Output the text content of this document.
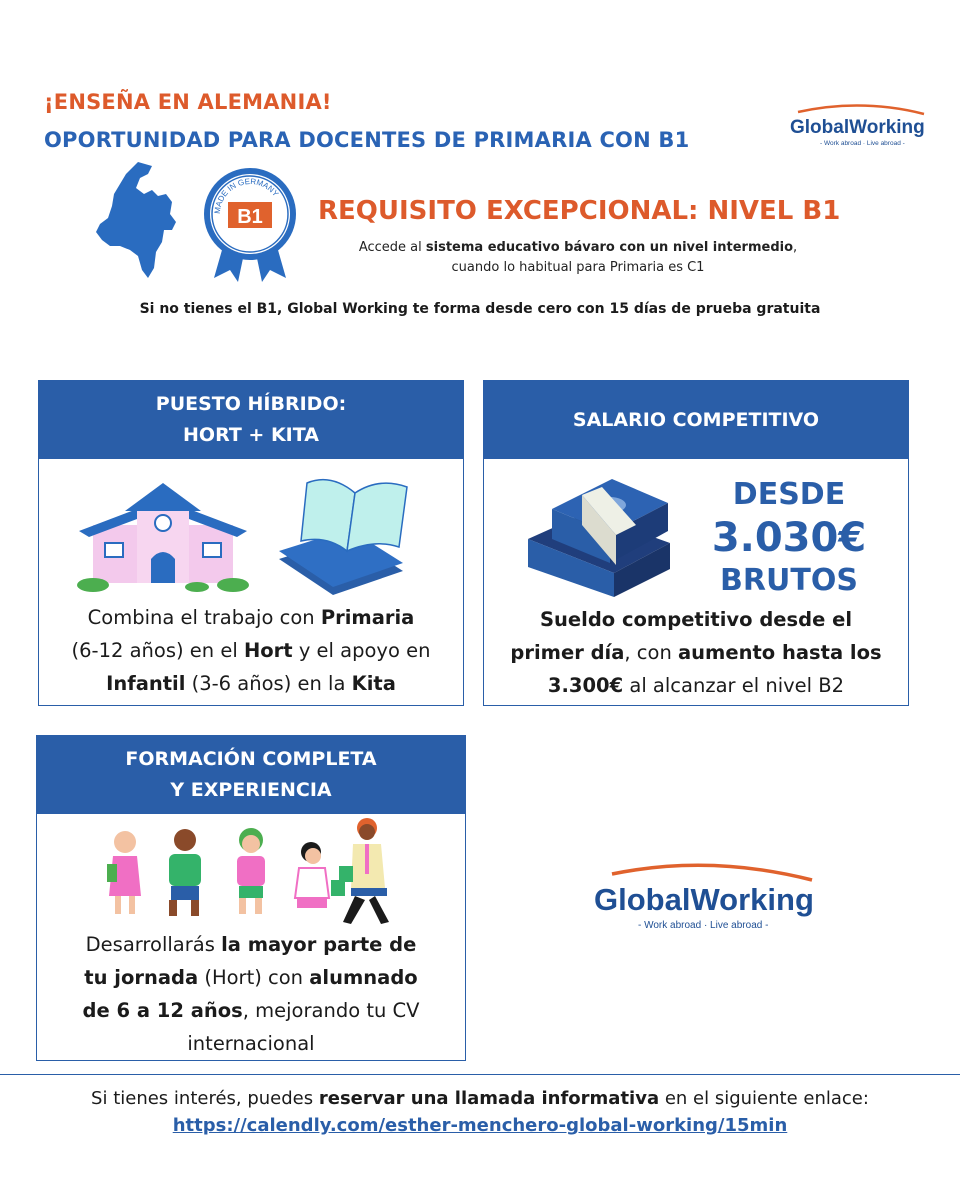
¡ENSEÑA EN ALEMANIA!
OPORTUNIDAD PARA DOCENTES DE PRIMARIA CON B1
GlobalWorking
- Work abroad · Live abroad -
MADE IN GERMANY
B1 REQUISITO EXCEPCIONAL: NIVEL B1
Accede al sistema educativo bávaro con un nivel intermedio,
cuando lo habitual para Primaria es C1
Si no tienes el B1, Global Working te forma desde cero con 15 días de prueba gratuita
PUESTO HÍBRIDO:
HORT + KITA
Combina el trabajo con Primaria
(6-12 años) en el Hort y el apoyo en
Infantil (3-6 años) en la Kita
SALARIO COMPETITIVO
DESDE
3.030€
BRUTOS
Sueldo competitivo desde el
primer día, con aumento hasta los
3.300€ al alcanzar el nivel B2
FORMACIÓN COMPLETA
Y EXPERIENCIA
Desarrollarás la mayor parte de
tu jornada (Hort) con alumnado
de 6 a 12 años, mejorando tu CV
internacional
GlobalWorking
- Work abroad · Live abroad -
Si tienes interés, puedes reservar una llamada informativa en el siguiente enlace:
https://calendly.com/esther-menchero-global-working/15min
